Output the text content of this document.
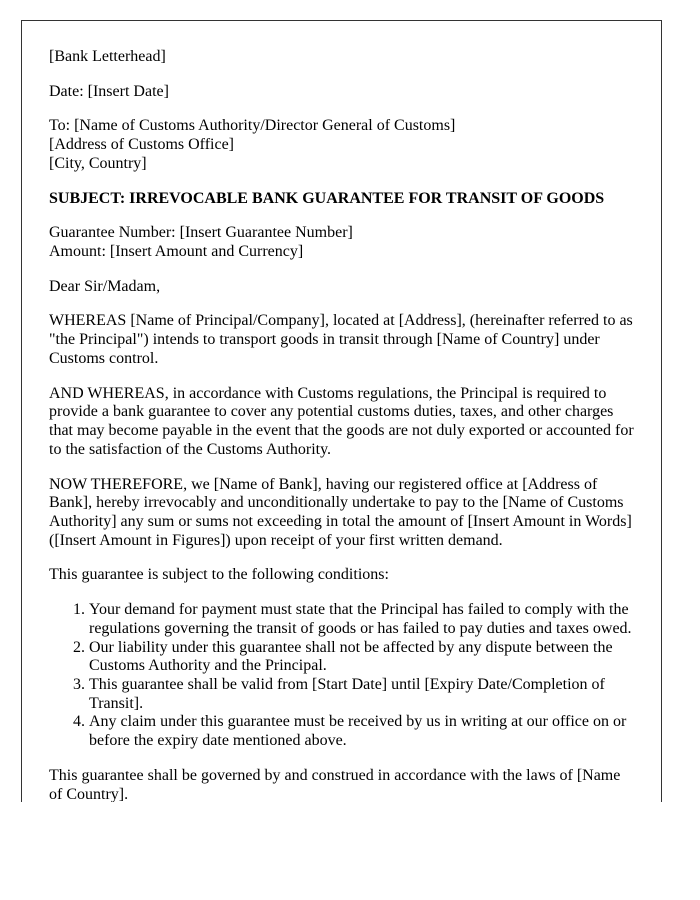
[Bank Letterhead]

Date: [Insert Date]

To: [Name of Customs Authority/Director General of Customs]
[Address of Customs Office]
[City, Country]

SUBJECT: IRREVOCABLE BANK GUARANTEE FOR TRANSIT OF GOODS

Guarantee Number: [Insert Guarantee Number]
Amount: [Insert Amount and Currency]

Dear Sir/Madam,

WHEREAS [Name of Principal/Company], located at [Address], (hereinafter referred to as "the Principal") intends to transport goods in transit through [Name of Country] under Customs control.

AND WHEREAS, in accordance with Customs regulations, the Principal is required to provide a bank guarantee to cover any potential customs duties, taxes, and other charges that may become payable in the event that the goods are not duly exported or accounted for to the satisfaction of the Customs Authority.

NOW THEREFORE, we [Name of Bank], having our registered office at [Address of Bank], hereby irrevocably and unconditionally undertake to pay to the [Name of Customs Authority] any sum or sums not exceeding in total the amount of [Insert Amount in Words] ([Insert Amount in Figures]) upon receipt of your first written demand.

This guarantee is subject to the following conditions:

1. Your demand for payment must state that the Principal has failed to comply with the regulations governing the transit of goods or has failed to pay duties and taxes owed.
2. Our liability under this guarantee shall not be affected by any dispute between the Customs Authority and the Principal.
3. This guarantee shall be valid from [Start Date] until [Expiry Date/Completion of Transit].
4. Any claim under this guarantee must be received by us in writing at our office on or before the expiry date mentioned above.

This guarantee shall be governed by and construed in accordance with the laws of [Name of Country].
